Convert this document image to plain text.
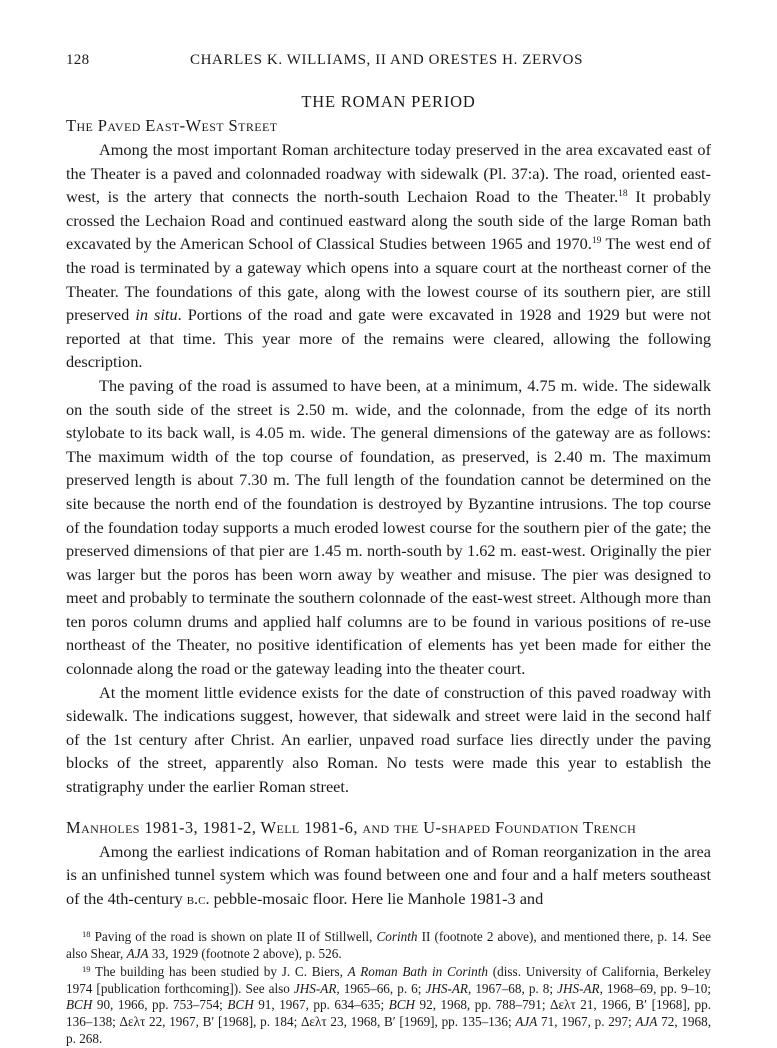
128	CHARLES K. WILLIAMS, II AND ORESTES H. ZERVOS
THE ROMAN PERIOD
The Paved East-West Street

Among the most important Roman architecture today preserved in the area excavated east of the Theater is a paved and colonnaded roadway with sidewalk (Pl. 37:a). The road, oriented east-west, is the artery that connects the north-south Lechaion Road to the Theater.$^{18}$ It probably crossed the Lechaion Road and continued eastward along the south side of the large Roman bath excavated by the American School of Classical Studies between 1965 and 1970.19 The west end of the road is terminated by a gateway which opens into a square court at the northeast corner of the Theater. The foundations of this gate, along with the lowest course of its southern pier, are still preserved in situ. Portions of the road and gate were excavated in 1928 and 1929 but were not reported at that time. This year more of the remains were cleared, allowing the following description.

The paving of the road is assumed to have been, at a minimum, 4.75 m. wide. The sidewalk on the south side of the street is 2.50 m. wide, and the colonnade, from the edge of its north stylobate to its back wall, is 4.05 m. wide. The general dimensions of the gateway are as follows: The maximum width of the top course of foundation, as preserved, is 2.40 m. The maximum preserved length is about 7.30 m. The full length of the foundation cannot be determined on the site because the north end of the foundation is destroyed by Byzantine intrusions. The top course of the foundation today supports a much eroded lowest course for the southern pier of the gate; the preserved dimensions of that pier are 1.45 m. north-south by 1.62 m. east-west. Originally the pier was larger but the poros has been worn away by weather and misuse. The pier was designed to meet and probably to terminate the southern colonnade of the east-west street. Although more than ten poros column drums and applied half columns are to be found in various positions of re-use northeast of the Theater, no positive identification of elements has yet been made for either the colonnade along the road or the gateway leading into the theater court.

At the moment little evidence exists for the date of construction of this paved roadway with sidewalk. The indications suggest, however, that sidewalk and street were laid in the second half of the 1st century after Christ. An earlier, unpaved road surface lies directly under the paving blocks of the street, apparently also Roman. No tests were made this year to establish the stratigraphy under the earlier Roman street.

Manholes 1981-3, 1981-2, Well 1981-6, and the U-shaped Foundation Trench

Among the earliest indications of Roman habitation and of Roman reorganization in the area is an unfinished tunnel system which was found between one and four and a half meters southeast of the 4th-century b.c. pebble-mosaic floor. Here lie Manhole 1981-3 and

$^{18}$ Paving of the road is shown on plate II of Stillwell, Corinth II (footnote 2 above), and mentioned there, p. 14. See also Shear, AJA 33, 1929 (footnote 2 above), p. 526.

$^{19}$ The building has been studied by J. C. Biers, A Roman Bath in Corinth (diss. University of California, Berkeley 1974 [publication forthcoming]). See also JHS-AR, 1965–66, p. 6; JHS-AR, 1967–68, p. 8; JHS-AR, 1968–69, pp. 9–10; BCH 90, 1966, pp. 753–754; BCH 91, 1967, pp. 634–635; BCH 92, 1968, pp. 788–791; Δελτ 21, 1966, Β′ [1968], pp. 136–138; Δελτ 22, 1967, Β′ [1968], p. 184; Δελτ 23, 1968, Β′ [1969], pp. 135–136; AJA 71, 1967, p. 297; AJA 72, 1968, p. 268.
